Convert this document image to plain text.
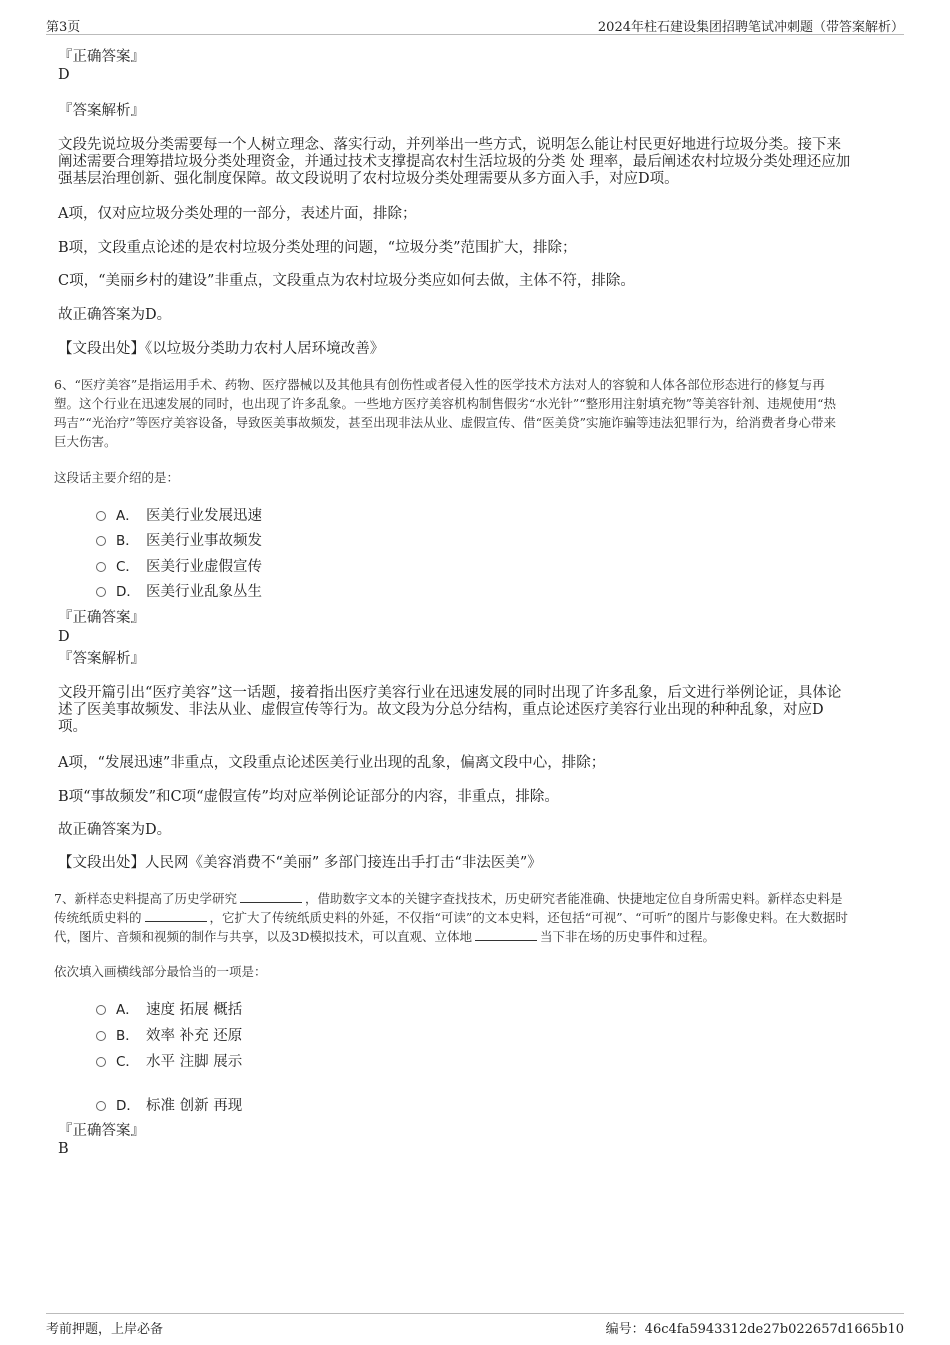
第3页	2024年柱石建设集团招聘笔试冲刺题（带答案解析）
『正确答案』
D
『答案解析』
文段先说垃圾分类需要每一个人树立理念、落实行动，并列举出一些方式，说明怎么能让村民更好地进行垃圾分类。接下来
阐述需要合理筹措垃圾分类处理资金，并通过技术支撑提高农村生活垃圾的分类 处 理率，最后阐述农村垃圾分类处理还应加
强基层治理创新、强化制度保障。故文段说明了农村垃圾分类处理需要从多方面入手，对应D项。
A项，仅对应垃圾分类处理的一部分，表述片面，排除；
B项，文段重点论述的是农村垃圾分类处理的问题，“垃圾分类”范围扩大，排除；
C项，“美丽乡村的建设”非重点，文段重点为农村垃圾分类应如何去做，主体不符，排除。
故正确答案为D。
【文段出处】《以垃圾分类助力农村人居环境改善》
6、“医疗美容”是指运用手术、药物、医疗器械以及其他具有创伤性或者侵入性的医学技术方法对人的容貌和人体各部位形态进行的修复与再
塑。这个行业在迅速发展的同时，也出现了许多乱象。一些地方医疗美容机构制售假劣“水光针”“整形用注射填充物”等美容针剂、违规使用“热
玛吉”“光治疗”等医疗美容设备，导致医美事故频发，甚至出现非法从业、虚假宣传、借“医美贷”实施诈骗等违法犯罪行为，给消费者身心带来
巨大伤害。
这段话主要介绍的是：
A． 医美行业发展迅速
B． 医美行业事故频发
C． 医美行业虚假宣传
D． 医美行业乱象丛生
『正确答案』
D
『答案解析』
文段开篇引出“医疗美容”这一话题，接着指出医疗美容行业在迅速发展的同时出现了许多乱象，后文进行举例论证，具体论
述了医美事故频发、非法从业、虚假宣传等行为。故文段为分总分结构，重点论述医疗美容行业出现的种种乱象，对应D
项。
A项，“发展迅速”非重点，文段重点论述医美行业出现的乱象，偏离文段中心，排除；
B项“事故频发”和C项“虚假宣传”均对应举例论证部分的内容，非重点，排除。
故正确答案为D。
【文段出处】人民网《美容消费不“美丽” 多部门接连出手打击“非法医美”》
7、新样态史料提高了历史学研究	，借助数字文本的关键字查找技术，历史研究者能准确、快捷地定位自身所需史料。新样态史料是
传统纸质史料的	，它扩大了传统纸质史料的外延，不仅指“可读”的文本史料，还包括“可视”、“可听”的图片与影像史料。在大数据时
代，图片、音频和视频的制作与共享，以及3D模拟技术，可以直观、立体地	当下非在场的历史事件和过程。
依次填入画横线部分最恰当的一项是：
A． 速度 拓展 概括
B． 效率 补充 还原
C． 水平 注脚 展示
D． 标准 创新 再现
『正确答案』
B
考前押题，上岸必备	编号：46c4fa5943312de27b022657d1665b10
